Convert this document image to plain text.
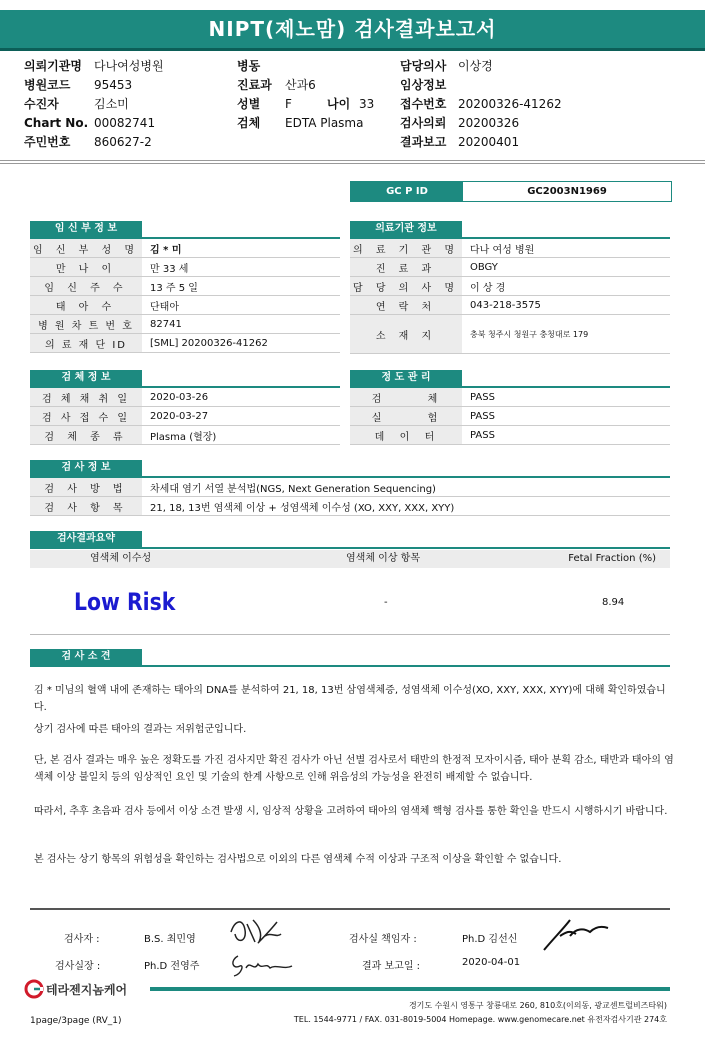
NIPT(제노맘) 검사결과보고서
의뢰기관명 다나여성병원
병원코드 95453
수진자	김소미
Chart No. 00082741
주민번호 860627-2
병동
진료과 산과6
성별 F	나이 33
검체 EDTA Plasma
담당의사 이상경
임상정보
접수번호 20200326-41262
검사의뢰 20200326
결과보고 20200401
GC P ID	GC2003N1969
임 신 부 정 보
임 신 부 성 명	김 * 미
만 나 이	만 33 세
임 신 주 수	13 주 5 일
태 아 수	단태아
병 원 차 트 번 호	82741
의 료 재 단 ID	[SML] 20200326-41262
의료기관 정보
의 료 기 관 명	다나 여성 병원
진 료 과	OBGY
담 당 의 사 명	이 상 경
연 락 처	043-218-3575
소 재 지	충북 청주시 청원구 충청대로 179
검 체 정 보
검 체 채 취 일	2020-03-26
검 사 접 수 일	2020-03-27
검 체 종 류	Plasma (혈장)
정 도 관 리
검       체	PASS
실       험	PASS
데  이  터	PASS
검 사 정 보
검 사 방 법	차세대 염기 서열 분석법(NGS, Next Generation Sequencing)
검 사 항 목	21, 18, 13번 염색체 이상 + 성염색체 이수성 (XO, XXY, XXX, XYY)
검사결과요약
염색체 이수성	염색체 이상 항목	Fetal Fraction (%)
Low Risk	-	8.94
검 사 소 견
김 * 미님의 혈액 내에 존재하는 태아의 DNA를 분석하여 21, 18, 13번 삼염색체증, 성염색체 이수성(XO, XXY, XXX, XYY)에 대해 확인하였습니다.
상기 검사에 따른 태아의 결과는 저위험군입니다.
단, 본 검사 결과는 매우 높은 정확도를 가진 검사지만 확진 검사가 아닌 선별 검사로서 태반의 한정적 모자이시즘, 태아 분획 감소, 태반과 태아의 염색체 이상 불일치 등의 임상적인 요인 및 기술의 한계 사항으로 인해 위음성의 가능성을 완전히 배제할 수 없습니다.
따라서, 추후 초음파 검사 등에서 이상 소견 발생 시, 임상적 상황을 고려하여 태아의 염색체 핵형 검사를 통한 확인을 반드시 시행하시기 바랍니다.
본 검사는 상기 항목의 위험성을 확인하는 검사법으로 이외의 다른 염색체 수적 이상과 구조적 이상을 확인할 수 없습니다.
검사자 :	B.S. 최민영
검사실장 :	Ph.D 전영주
검사실 책임자 :	Ph.D 김선신
결과 보고일 :	2020-04-01
테라젠지놈케어
경기도 수원시 영통구 창룡대로 260, 810호(이의동, 광교센트럴비즈타워)
TEL. 1544-9771 / FAX. 031-8019-5004 Homepage. www.genomecare.net 유전자검사기관 274호
1page/3page (RV_1)
